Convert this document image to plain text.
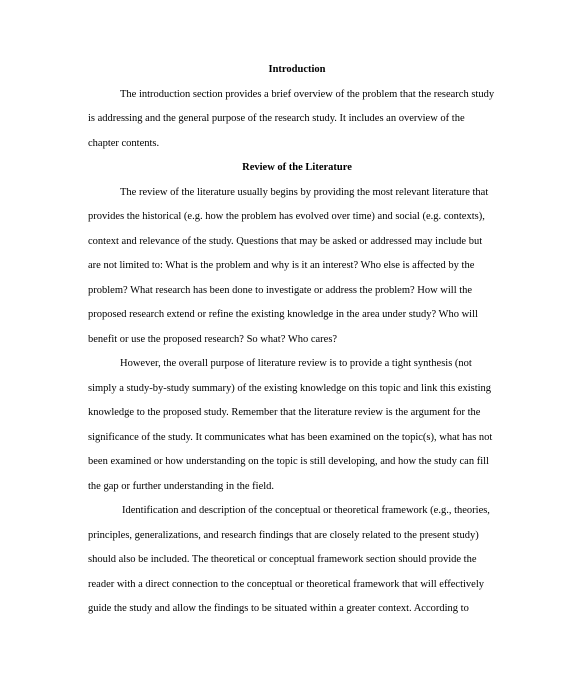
Introduction

The introduction section provides a brief overview of the problem that the research study
is addressing and the general purpose of the research study. It includes an overview of the
chapter contents.

Review of the Literature

The review of the literature usually begins by providing the most relevant literature that
provides the historical (e.g. how the problem has evolved over time) and social (e.g. contexts),
context and relevance of the study. Questions that may be asked or addressed may include but
are not limited to: What is the problem and why is it an interest? Who else is affected by the
problem? What research has been done to investigate or address the problem? How will the
proposed research extend or refine the existing knowledge in the area under study? Who will
benefit or use the proposed research? So what? Who cares?

However, the overall purpose of literature review is to provide a tight synthesis (not
simply a study-by-study summary) of the existing knowledge on this topic and link this existing
knowledge to the proposed study. Remember that the literature review is the argument for the
significance of the study. It communicates what has been examined on the topic(s), what has not
been examined or how understanding on the topic is still developing, and how the study can fill
the gap or further understanding in the field.

Identification and description of the conceptual or theoretical framework (e.g., theories,
principles, generalizations, and research findings that are closely related to the present study)
should also be included. The theoretical or conceptual framework section should provide the
reader with a direct connection to the conceptual or theoretical framework that will effectively
guide the study and allow the findings to be situated within a greater context. According to
